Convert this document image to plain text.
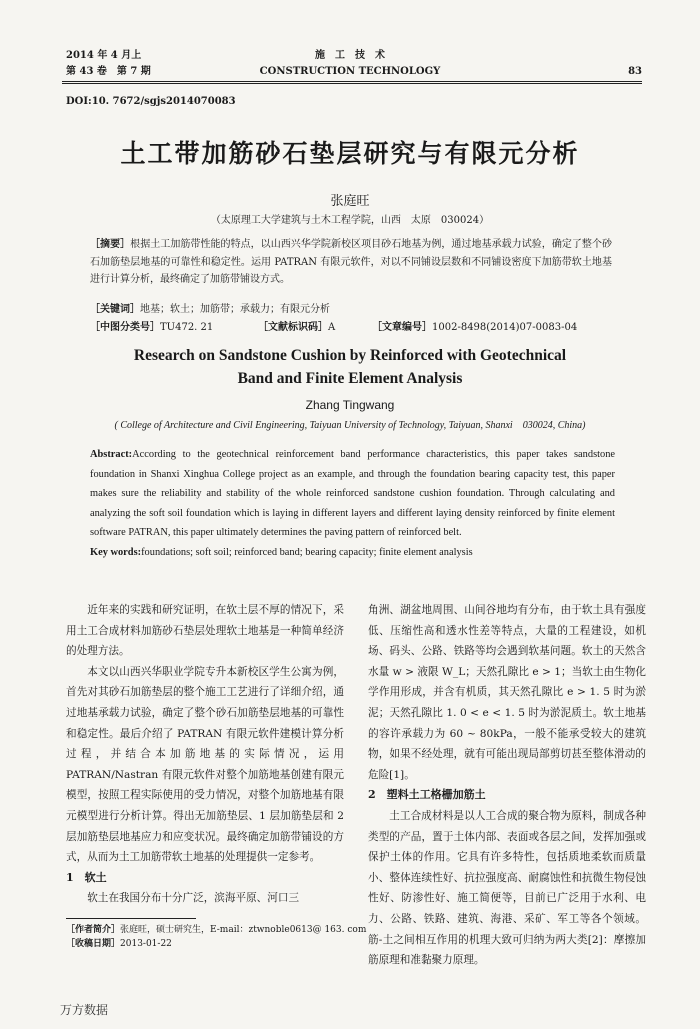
2014 年 4 月上
第 43 卷　第 7 期
施　工　技　术
CONSTRUCTION TECHNOLOGY	83
DOI:10. 7672/sgjs2014070083
土工带加筋砂石垫层研究与有限元分析
张庭旺
（太原理工大学建筑与土木工程学院，山西　太原　030024）
［摘要］根据土工加筋带性能的特点，以山西兴华学院新校区项目砂石地基为例，通过地基承载力试验，确定了整个砂石加筋垫层地基的可靠性和稳定性。运用 PATRAN 有限元软件，对以不同铺设层数和不同铺设密度下加筋带软土地基进行计算分析，最终确定了加筋带铺设方式。
［关键词］地基；软土；加筋带；承载力；有限元分析
［中图分类号］TU472. 21	［文献标识码］A	［文章编号］1002-8498(2014)07-0083-04
Research on Sandstone Cushion by Reinforced with Geotechnical
Band and Finite Element Analysis
Zhang Tingwang
( College of Architecture and Civil Engineering, Taiyuan University of Technology, Taiyuan, Shanxi　030024, China)
Abstract:According to the geotechnical reinforcement band performance characteristics, this paper takes sandstone foundation in Shanxi Xinghua College project as an example, and through the foundation bearing capacity test, this paper makes sure the reliability and stability of the whole reinforced sandstone cushion foundation. Through calculating and analyzing the soft soil foundation which is laying in different layers and different laying density reinforced by finite element software PATRAN, this paper ultimately determines the paving pattern of reinforced belt.
Key words:foundations; soft soil; reinforced band; bearing capacity; finite element analysis

近年来的实践和研究证明，在软土层不厚的情况下，采用土工合成材料加筋砂石垫层处理软土地基是一种简单经济的处理方法。

本文以山西兴华职业学院专升本新校区学生公寓为例，首先对其砂石加筋垫层的整个施工工艺进行了详细介绍，通过地基承载力试验，确定了整个砂石加筋垫层地基的可靠性和稳定性。最后介绍了 PATRAN 有限元软件建模计算分析过程，并结合本加筋地基的实际情况，运用 PATRAN/Nastran 有限元软件对整个加筋地基创建有限元模型，按照工程实际使用的受力情况，对整个加筋地基有限元模型进行分析计算。得出无加筋垫层、1 层加筋垫层和 2 层加筋垫层地基应力和应变状况。最终确定加筋带铺设的方式，从而为土工加筋带软土地基的处理提供一定参考。

1　软土

软土在我国分布十分广泛，滨海平原、河口三

角洲、湖盆地周围、山间谷地均有分布，由于软土具有强度低、压缩性高和透水性差等特点，大量的工程建设，如机场、码头、公路、铁路等均会遇到软基问题。软土的天然含水量 w > 液限 W_L；天然孔隙比 e > 1；当软土由生物化学作用形成，并含有机质，其天然孔隙比 e > 1. 5 时为淤泥；天然孔隙比 1. 0 < e < 1. 5 时为淤泥质土。软土地基的容许承载力为 60 ~ 80kPa，一般不能承受较大的建筑物，如果不经处理，就有可能出现局部剪切甚至整体滑动的危险[1]。

2　塑料土工格栅加筋土

土工合成材料是以人工合成的聚合物为原料，制成各种类型的产品，置于土体内部、表面或各层之间，发挥加强或保护土体的作用。它具有许多特性，包括质地柔软而质量小、整体连续性好、抗拉强度高、耐腐蚀性和抗微生物侵蚀性好、防渗性好、施工简便等，目前已广泛用于水利、电力、公路、铁路、建筑、海港、采矿、军工等各个领域。筋-土之间相互作用的机理大致可归纳为两大类[2]：摩擦加筋原理和准黏聚力原理。

［作者简介］张庭旺，硕士研究生，E-mail：ztwnoble0613@ 163. com
［收稿日期］2013-01-22
万方数据
